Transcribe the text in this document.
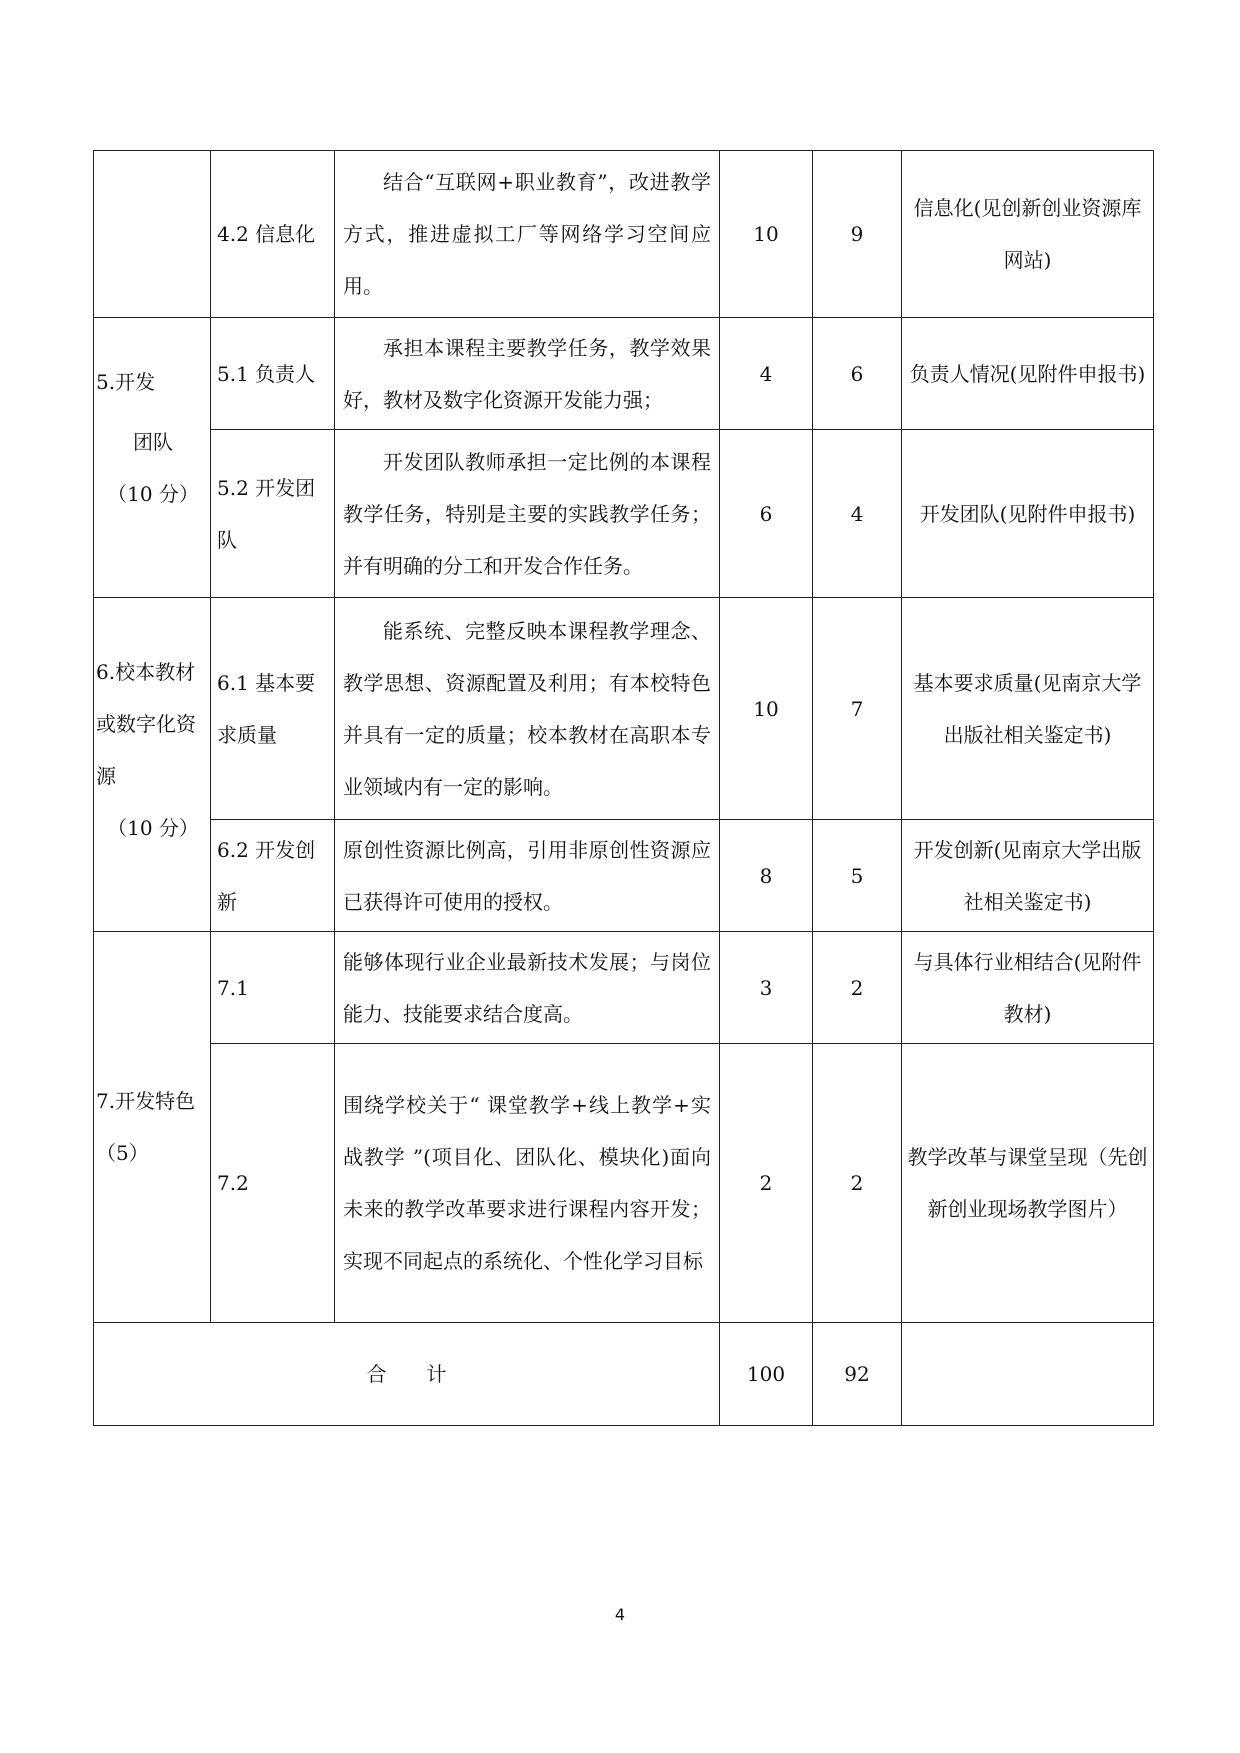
	4.2 信息化	结合“互联网+职业教育”，改进教学方式，推进虚拟工厂等网络学习空间应用。	10	9	信息化(见创新创业资源库网站)

5.开发
团队
（10 分）	5.1 负责人	承担本课程主要教学任务，教学效果好，教材及数字化资源开发能力强；	4	6	负责人情况(见附件申报书)
	5.2 开发团队	开发团队教师承担一定比例的本课程教学任务，特别是主要的实践教学任务；并有明确的分工和开发合作任务。	6	4	开发团队(见附件申报书)

6.校本教材或数字化资源
（10 分）	6.1 基本要求质量	能系统、完整反映本课程教学理念、教学思想、资源配置及利用；有本校特色并具有一定的质量；校本教材在高职本专业领域内有一定的影响。	10	7	基本要求质量(见南京大学出版社相关鉴定书)
	6.2 开发创新	原创性资源比例高，引用非原创性资源应已获得许可使用的授权。	8	5	开发创新(见南京大学出版社相关鉴定书)

7.开发特色（5）	7.1	能够体现行业企业最新技术发展；与岗位能力、技能要求结合度高。	3	2	与具体行业相结合(见附件教材)
	7.2	围绕学校关于“ 课堂教学+线上教学+实战教学 ”(项目化、团队化、模块化)面向未来的教学改革要求进行课程内容开发；实现不同起点的系统化、个性化学习目标	2	2	教学改革与课堂呈现（先创新创业现场教学图片）
合　　计			100	92	
4
